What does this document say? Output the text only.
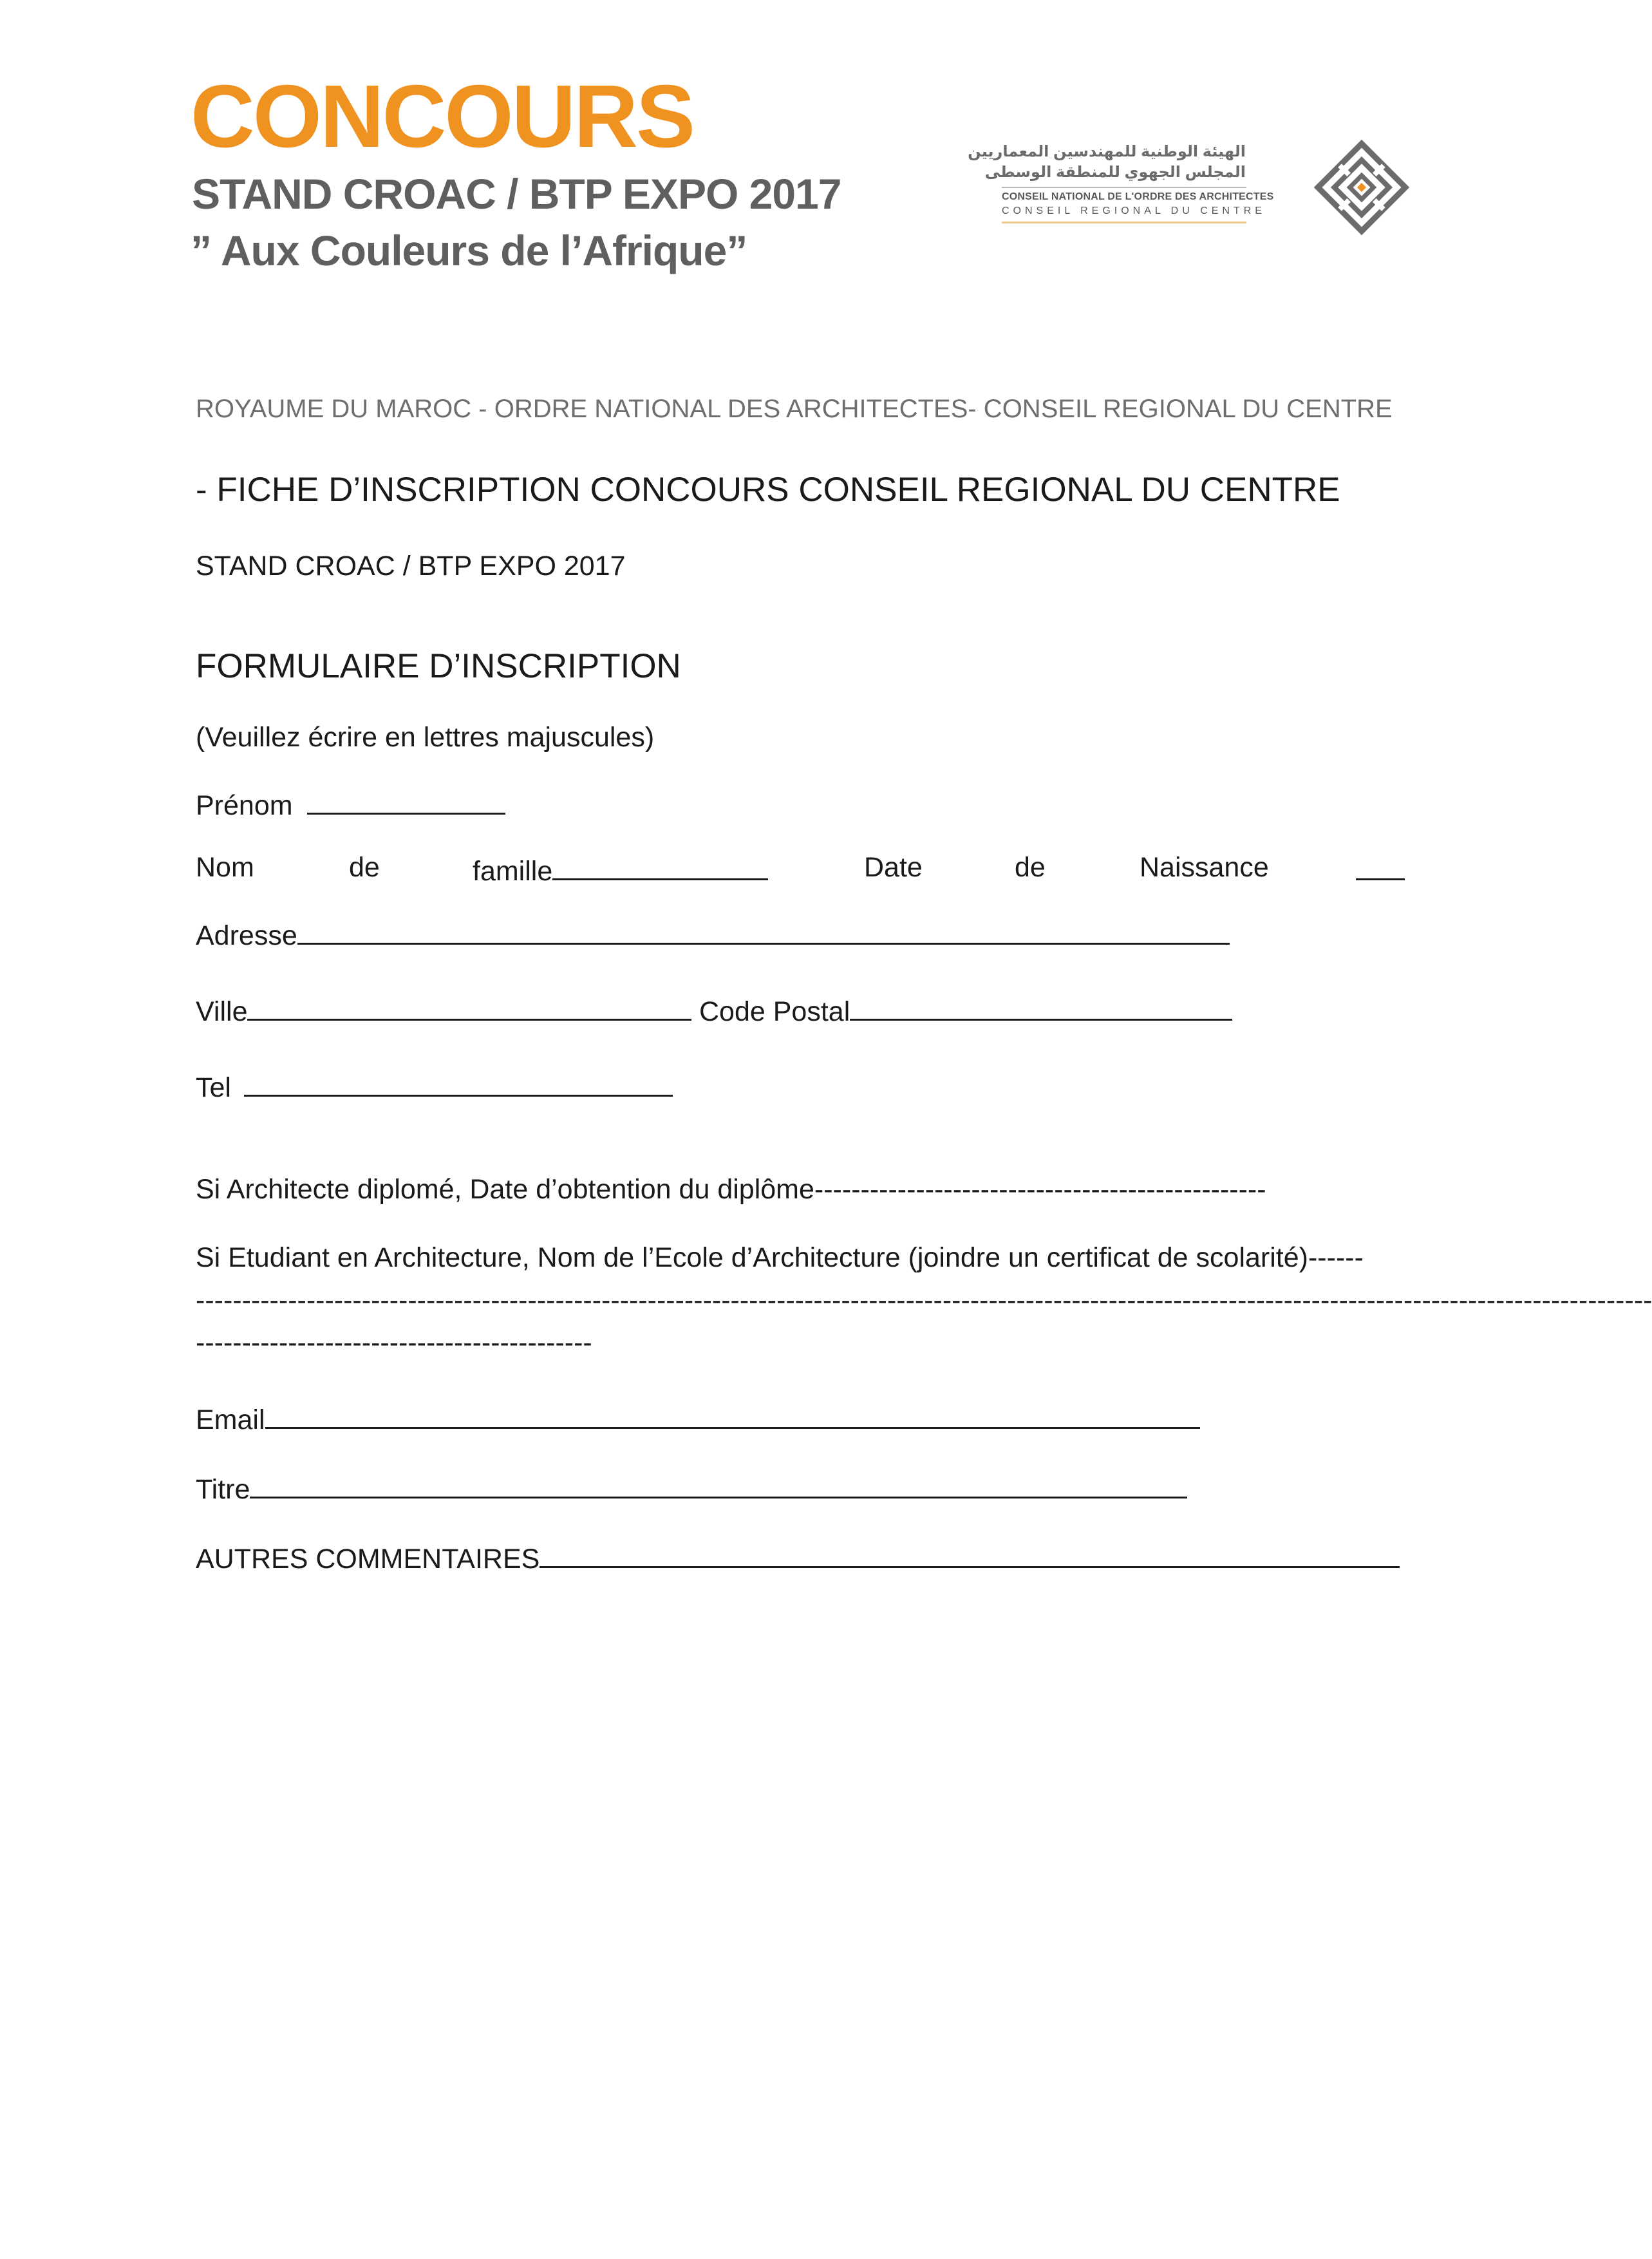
CONCOURS
STAND CROAC / BTP EXPO 2017
” Aux Couleurs de l’Afrique”
الهيئة الوطنية للمهندسين المعماريين
المجلس الجهوي للمنطقة الوسطى
CONSEIL NATIONAL DE L'ORDRE DES ARCHITECTES
CONSEIL REGIONAL DU CENTRE
ROYAUME DU MAROC - ORDRE NATIONAL DES ARCHITECTES- CONSEIL REGIONAL DU CENTRE
- FICHE D’INSCRIPTION CONCOURS CONSEIL REGIONAL DU CENTRE
STAND CROAC / BTP EXPO 2017
FORMULAIRE D’INSCRIPTION
(Veuillez écrire en lettres majuscules)
Prénom
Nom	de	famille	Date	de	Naissance
Adresse
Ville	Code Postal
Tel
Si Architecte diplomé, Date d’obtention du diplôme-------------------------------------------------
Si Etudiant en Architecture, Nom de l’Ecole d’Architecture (joindre un certificat de scolarité)------
--------------------------------------------------------------------------------------------------------------------------------------------------------------
-------------------------------------------
Email
Titre
AUTRES COMMENTAIRES
